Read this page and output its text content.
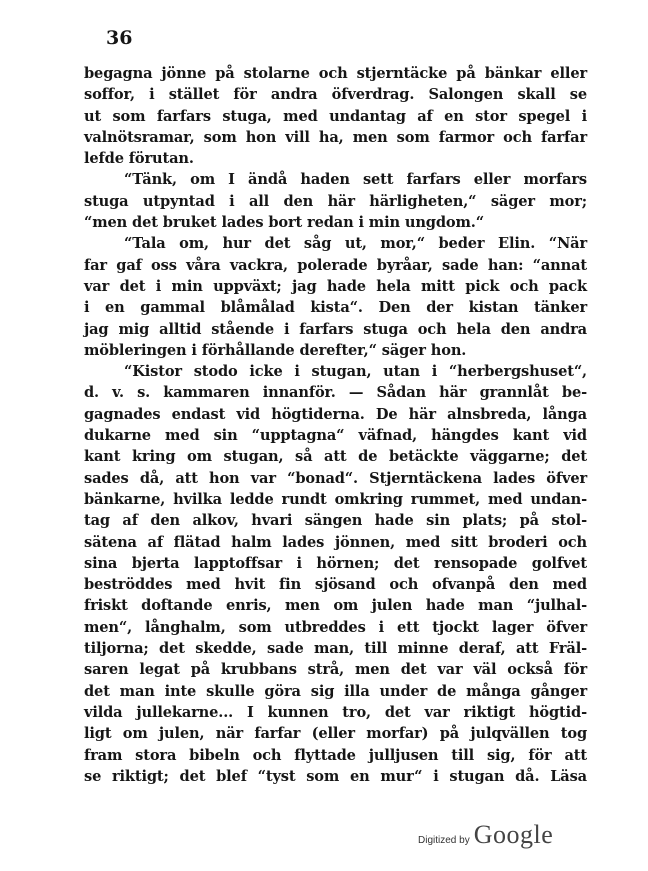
36
begagna jönne på stolarne och stjerntäcke på bänkar eller
soffor, i stället för andra öfverdrag. Salongen skall se
ut som farfars stuga, med undantag af en stor spegel i
valnötsramar, som hon vill ha, men som farmor och farfar
lefde förutan.
“Tänk, om I ändå haden sett farfars eller morfars
stuga utpyntad i all den här härligheten,“ säger mor;
“men det bruket lades bort redan i min ungdom.“
“Tala om, hur det såg ut, mor,“ beder Elin. “När
far gaf oss våra vackra, polerade byråar, sade han: “annat
var det i min uppväxt; jag hade hela mitt pick och pack
i en gammal blåmålad kista“. Den der kistan tänker
jag mig alltid stående i farfars stuga och hela den andra
möbleringen i förhållande derefter,“ säger hon.
“Kistor stodo icke i stugan, utan i “herbergshuset“,
d. v. s. kammaren innanför. — Sådan här grannlåt be-
gagnades endast vid högtiderna. De här alnsbreda, långa
dukarne med sin “upptagna“ väfnad, hängdes kant vid
kant kring om stugan, så att de betäckte väggarne; det
sades då, att hon var “bonad“. Stjerntäckena lades öfver
bänkarne, hvilka ledde rundt omkring rummet, med undan-
tag af den alkov, hvari sängen hade sin plats; på stol-
sätena af flätad halm lades jönnen, med sitt broderi och
sina bjerta lapptoffsar i hörnen; det rensopade golfvet
beströddes med hvit fin sjösand och ofvanpå den med
friskt doftande enris, men om julen hade man “julhal-
men“, långhalm, som utbreddes i ett tjockt lager öfver
tiljorna; det skedde, sade man, till minne deraf, att Fräl-
saren legat på krubbans strå, men det var väl också för
det man inte skulle göra sig illa under de många gånger
vilda jullekarne... I kunnen tro, det var riktigt högtid-
ligt om julen, när farfar (eller morfar) på julqvällen tog
fram stora bibeln och flyttade julljusen till sig, för att
se riktigt; det blef “tyst som en mur“ i stugan då. Läsa
Digitized by Google
